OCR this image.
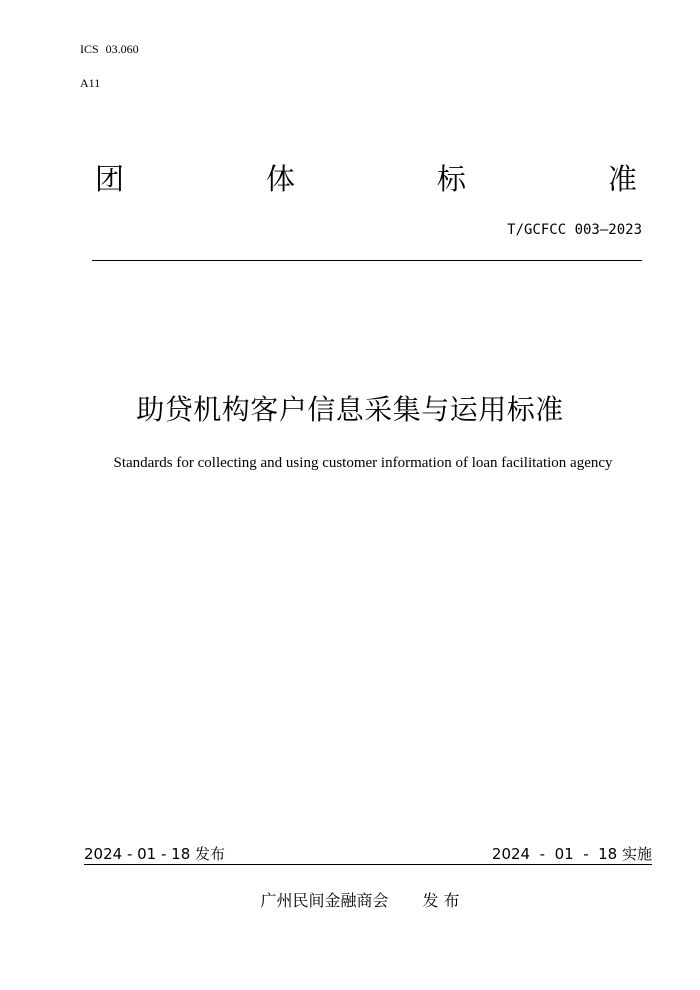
ICS 03.060
A11
团	体	标	准
T/GCFCC 003—2023
助贷机构客户信息采集与运用标准
Standards for collecting and using customer information of loan facilitation agency
2024 - 01 - 18 发布	2024  -  01  -  18 实施
广州民间金融商会 发 布
